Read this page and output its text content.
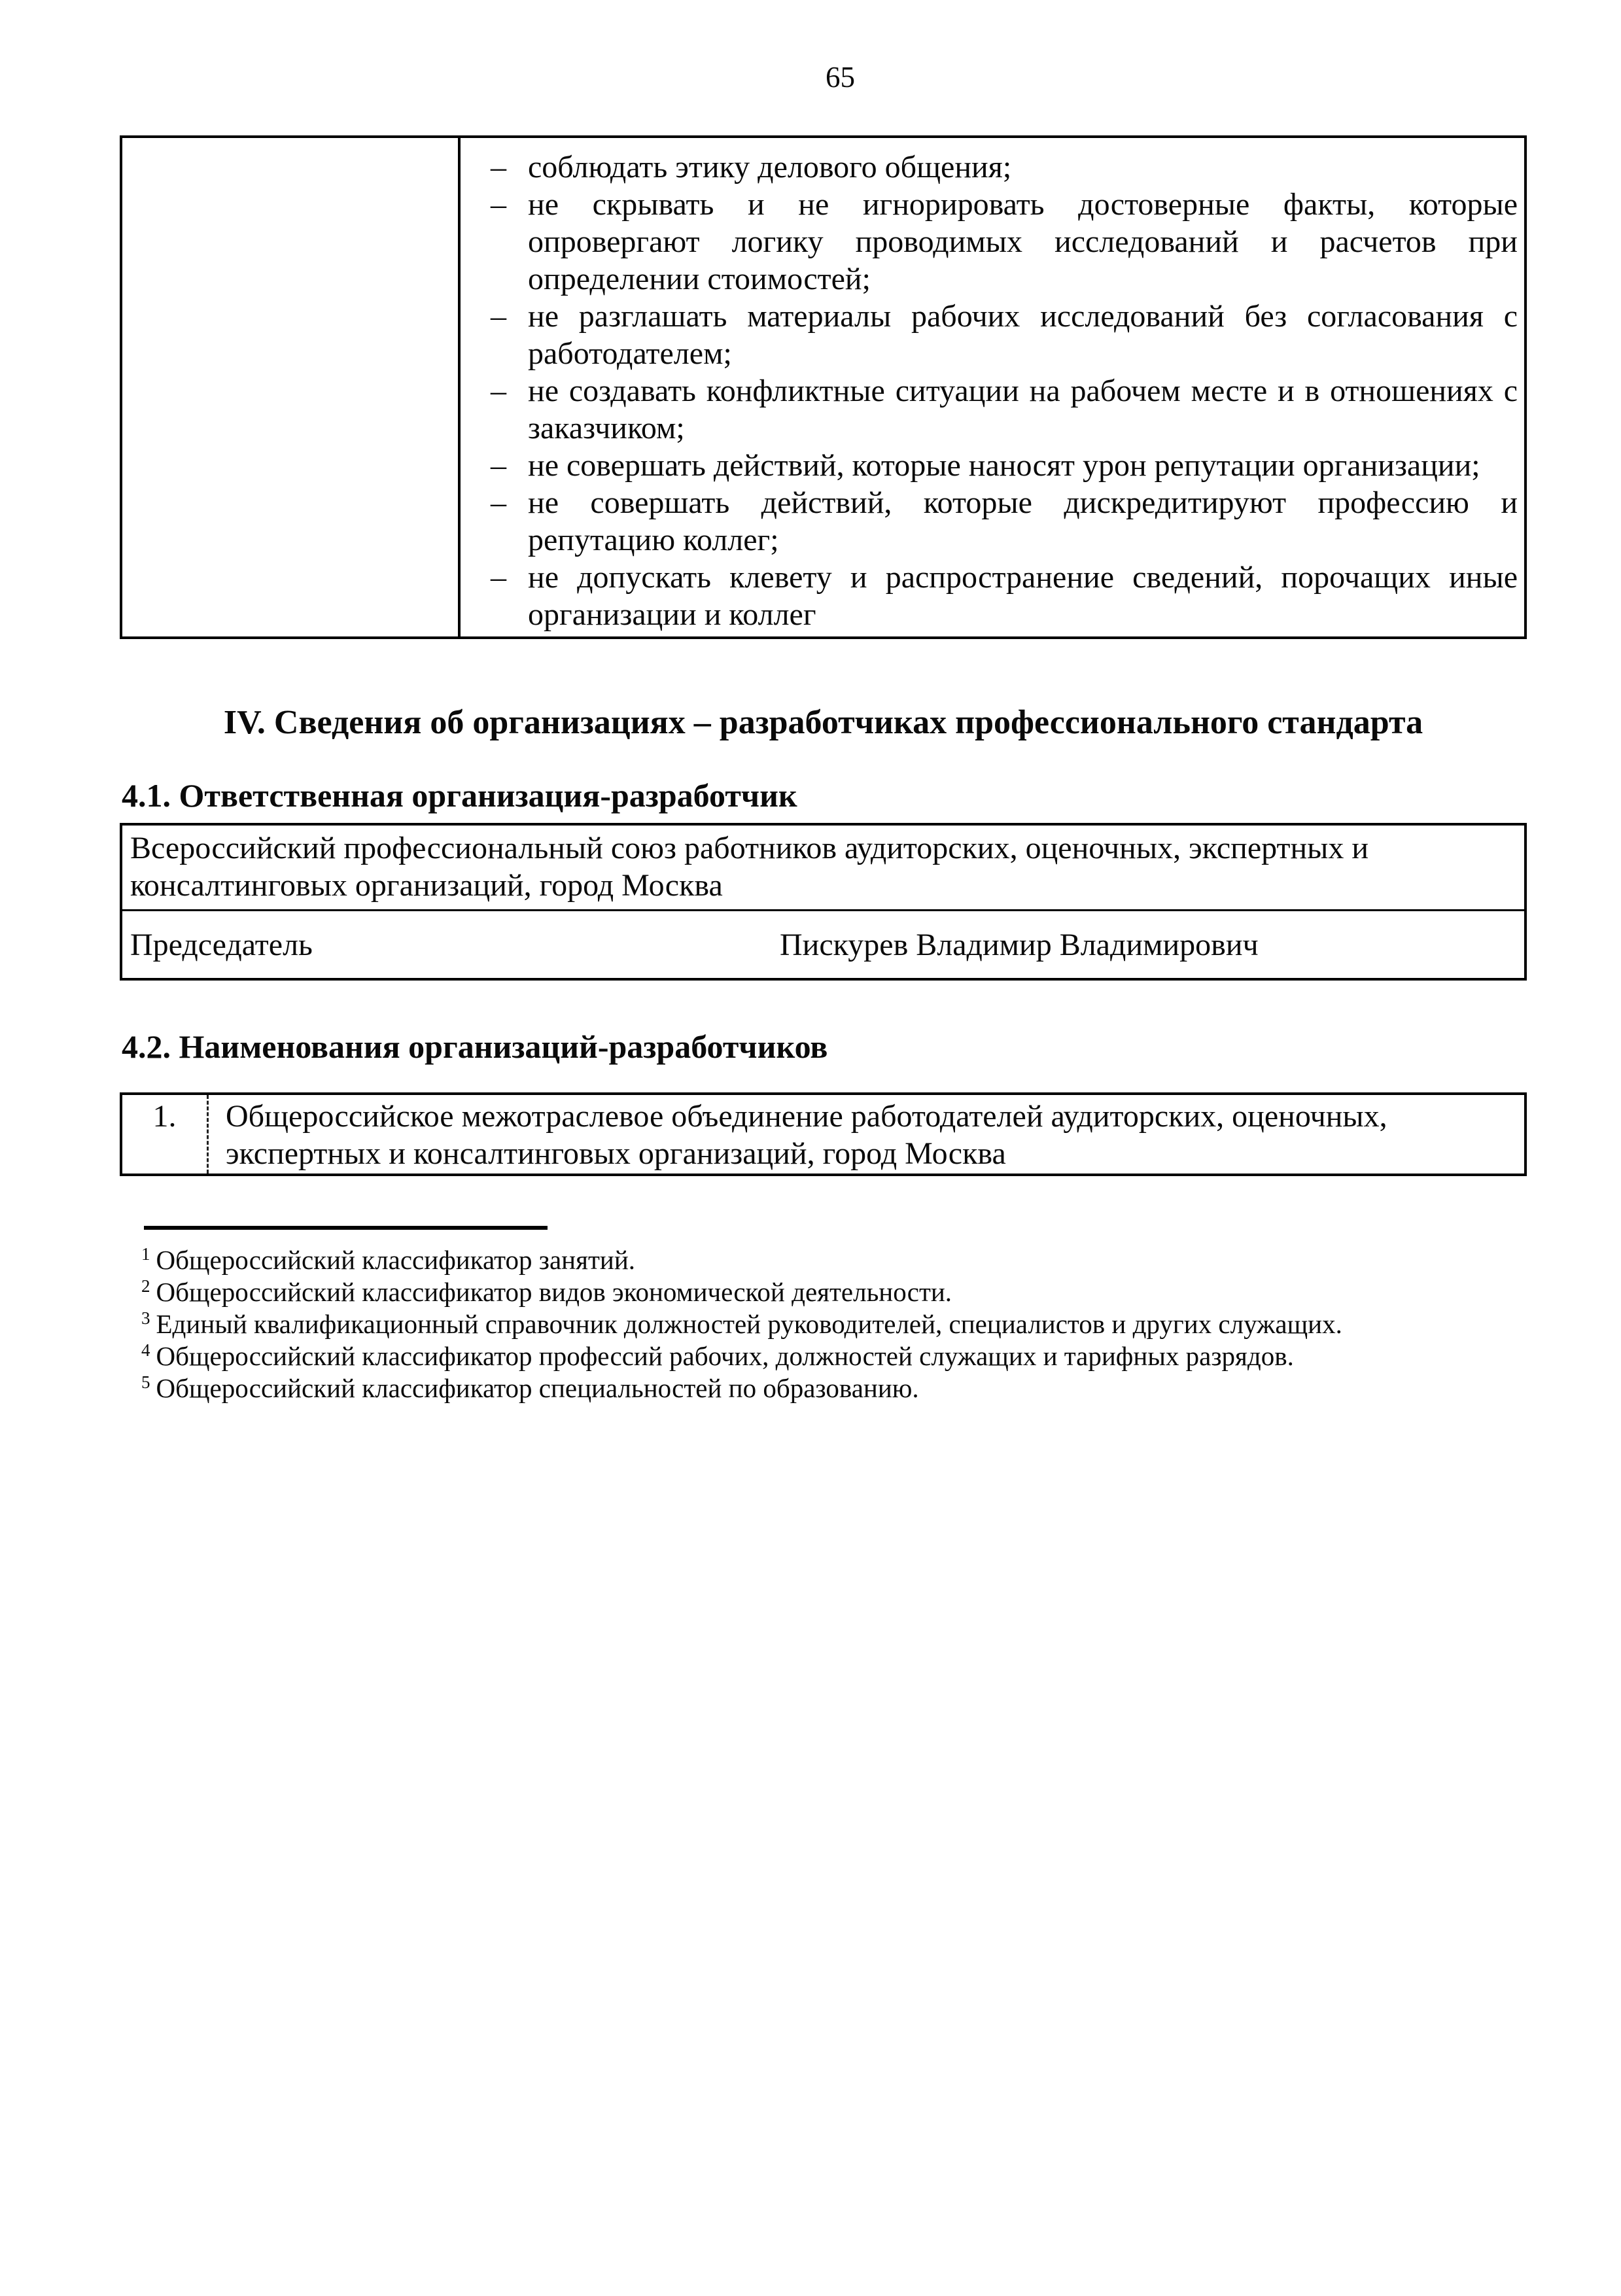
65
– соблюдать этику делового общения;
– не скрывать и не игнорировать достоверные факты, которые
опровергают логику проводимых исследований и расчетов при
определении стоимостей;
– не разглашать материалы рабочих исследований без согласования с
работодателем;
– не создавать конфликтные ситуации на рабочем месте и в отношениях с
заказчиком;
– не совершать действий, которые наносят урон репутации организации;
– не совершать действий, которые дискредитируют профессию и
репутацию коллег;
– не допускать клевету и распространение сведений, порочащих иные
организации и коллег
IV. Сведения об организациях – разработчиках профессионального стандарта
4.1. Ответственная организация-разработчик
Всероссийский профессиональный союз работников аудиторских, оценочных, экспертных и
консалтинговых организаций, город Москва
Председатель	Пискурев Владимир Владимирович
4.2. Наименования организаций-разработчиков
1.	Общероссийское межотраслевое объединение работодателей аудиторских, оценочных,
экспертных и консалтинговых организаций, город Москва
$^1$ Общероссийский классификатор занятий.
$^2$ Общероссийский классификатор видов экономической деятельности.
$^3$ Единый квалификационный справочник должностей руководителей, специалистов и других служащих.
$^4$ Общероссийский классификатор профессий рабочих, должностей служащих и тарифных разрядов.
$^5$ Общероссийский классификатор специальностей по образованию.
